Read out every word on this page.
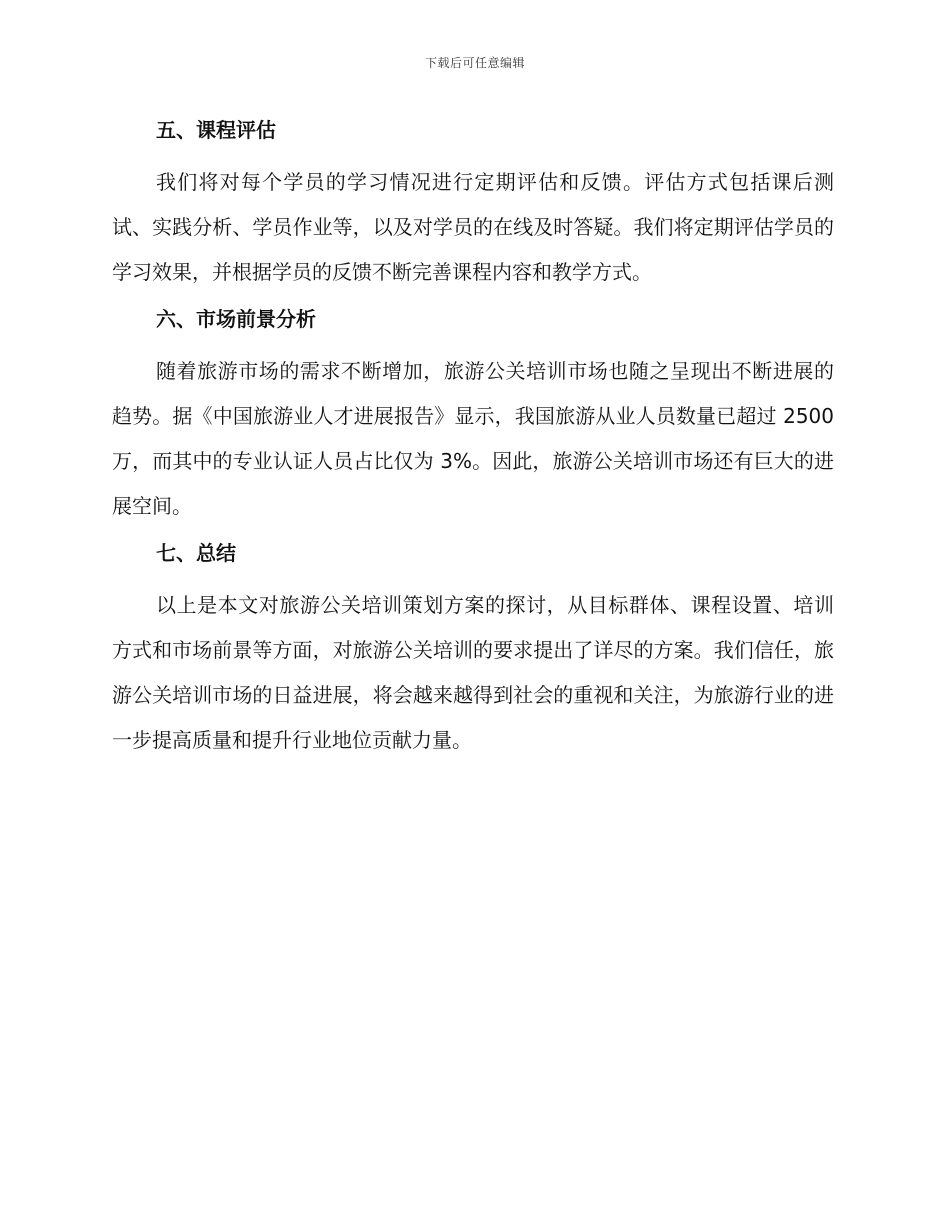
下载后可任意编辑
五、课程评估

我们将对每个学员的学习情况进行定期评估和反馈。评估方式包括课后测试、实践分析、学员作业等，以及对学员的在线及时答疑。我们将定期评估学员的学习效果，并根据学员的反馈不断完善课程内容和教学方式。

六、市场前景分析

随着旅游市场的需求不断增加，旅游公关培训市场也随之呈现出不断进展的趋势。据《中国旅游业人才进展报告》显示，我国旅游从业人员数量已超过 2500 万，而其中的专业认证人员占比仅为 3%。因此，旅游公关培训市场还有巨大的进展空间。

七、总结

以上是本文对旅游公关培训策划方案的探讨，从目标群体、课程设置、培训方式和市场前景等方面，对旅游公关培训的要求提出了详尽的方案。我们信任，旅游公关培训市场的日益进展，将会越来越得到社会的重视和关注，为旅游行业的进一步提高质量和提升行业地位贡献力量。
